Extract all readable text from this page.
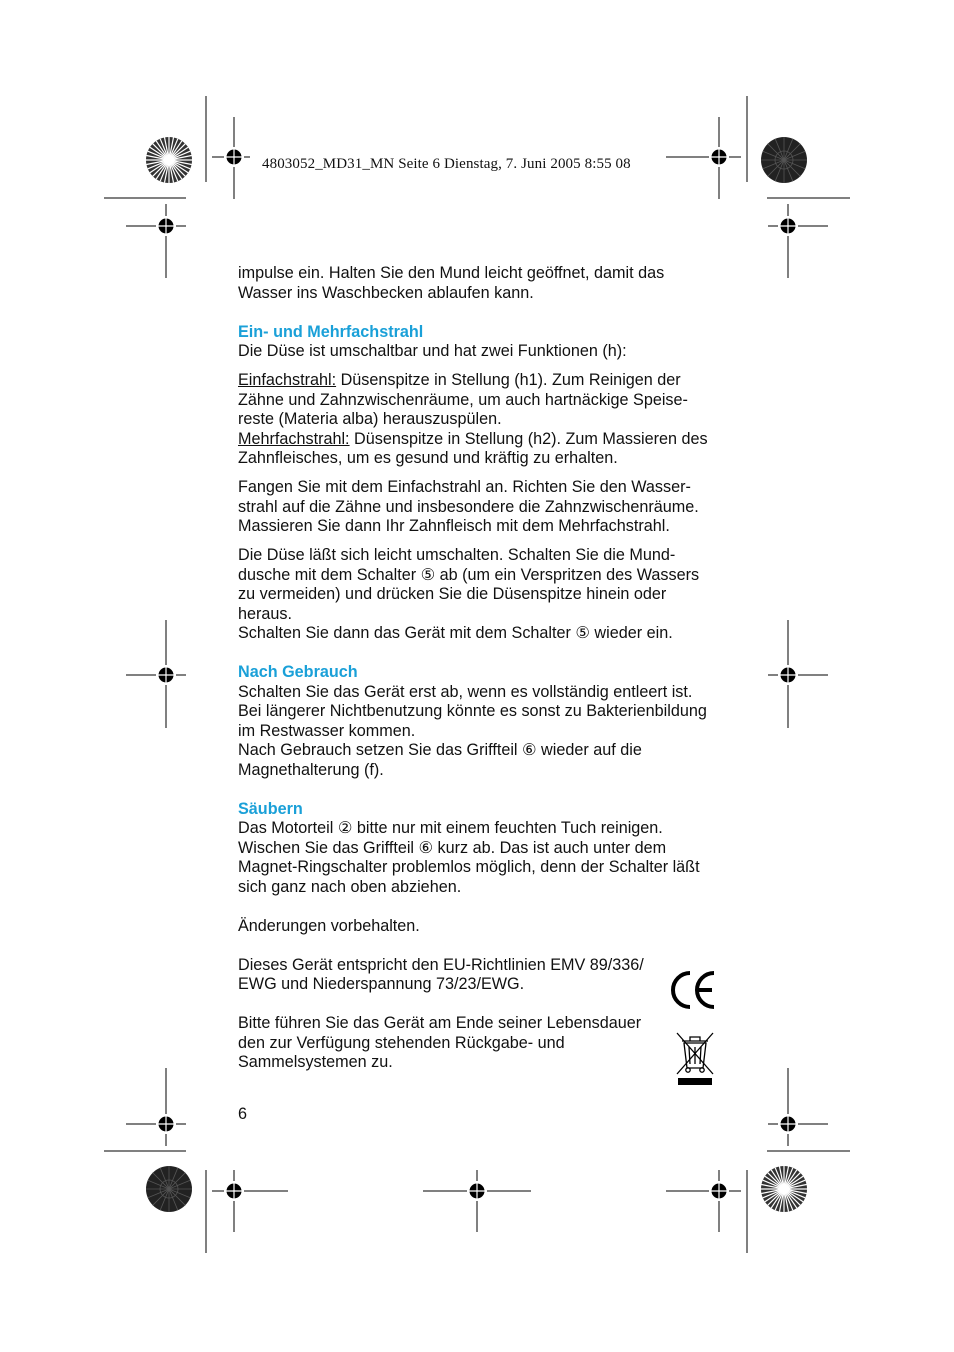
4803052_MD31_MN Seite 6 Dienstag, 7. Juni 2005 8:55 08

impulse ein. Halten Sie den Mund leicht geöffnet, damit das Wasser ins Waschbecken ablaufen kann.

Ein- und Mehrfachstrahl

Die Düse ist umschaltbar und hat zwei Funktionen (h):

Einfachstrahl: Düsenspitze in Stellung (h1). Zum Reinigen der Zähne und Zahnzwischenräume, um auch hartnäckige Speisereste (Materia alba) herauszuspülen.

Mehrfachstrahl: Düsenspitze in Stellung (h2). Zum Massieren des Zahnfleisches, um es gesund und kräftig zu erhalten.

Fangen Sie mit dem Einfachstrahl an. Richten Sie den Wasserstrahl auf die Zähne und insbesondere die Zahnzwischenräume. Massieren Sie dann Ihr Zahnfleisch mit dem Mehrfachstrahl.

Die Düse läßt sich leicht umschalten. Schalten Sie die Munddusche mit dem Schalter ⑤ ab (um ein Verspritzen des Wassers zu vermeiden) und drücken Sie die Düsenspitze hinein oder heraus.

Schalten Sie dann das Gerät mit dem Schalter ⑤ wieder ein.

Nach Gebrauch

Schalten Sie das Gerät erst ab, wenn es vollständig entleert ist. Bei längerer Nichtbenutzung könnte es sonst zu Bakterienbildung im Restwasser kommen.

Nach Gebrauch setzen Sie das Griffteil ⑥ wieder auf die Magnethalterung (f).

Säubern

Das Motorteil ② bitte nur mit einem feuchten Tuch reinigen. Wischen Sie das Griffteil ⑥ kurz ab. Das ist auch unter dem Magnet-Ringschalter problemlos möglich, denn der Schalter läßt sich ganz nach oben abziehen.

Änderungen vorbehalten.

Dieses Gerät entspricht den EU-Richtlinien EMV 89/336/ EWG und Niederspannung 73/23/EWG.

Bitte führen Sie das Gerät am Ende seiner Lebensdauer den zur Verfügung stehenden Rückgabe- und Sammelsystemen zu.

6
